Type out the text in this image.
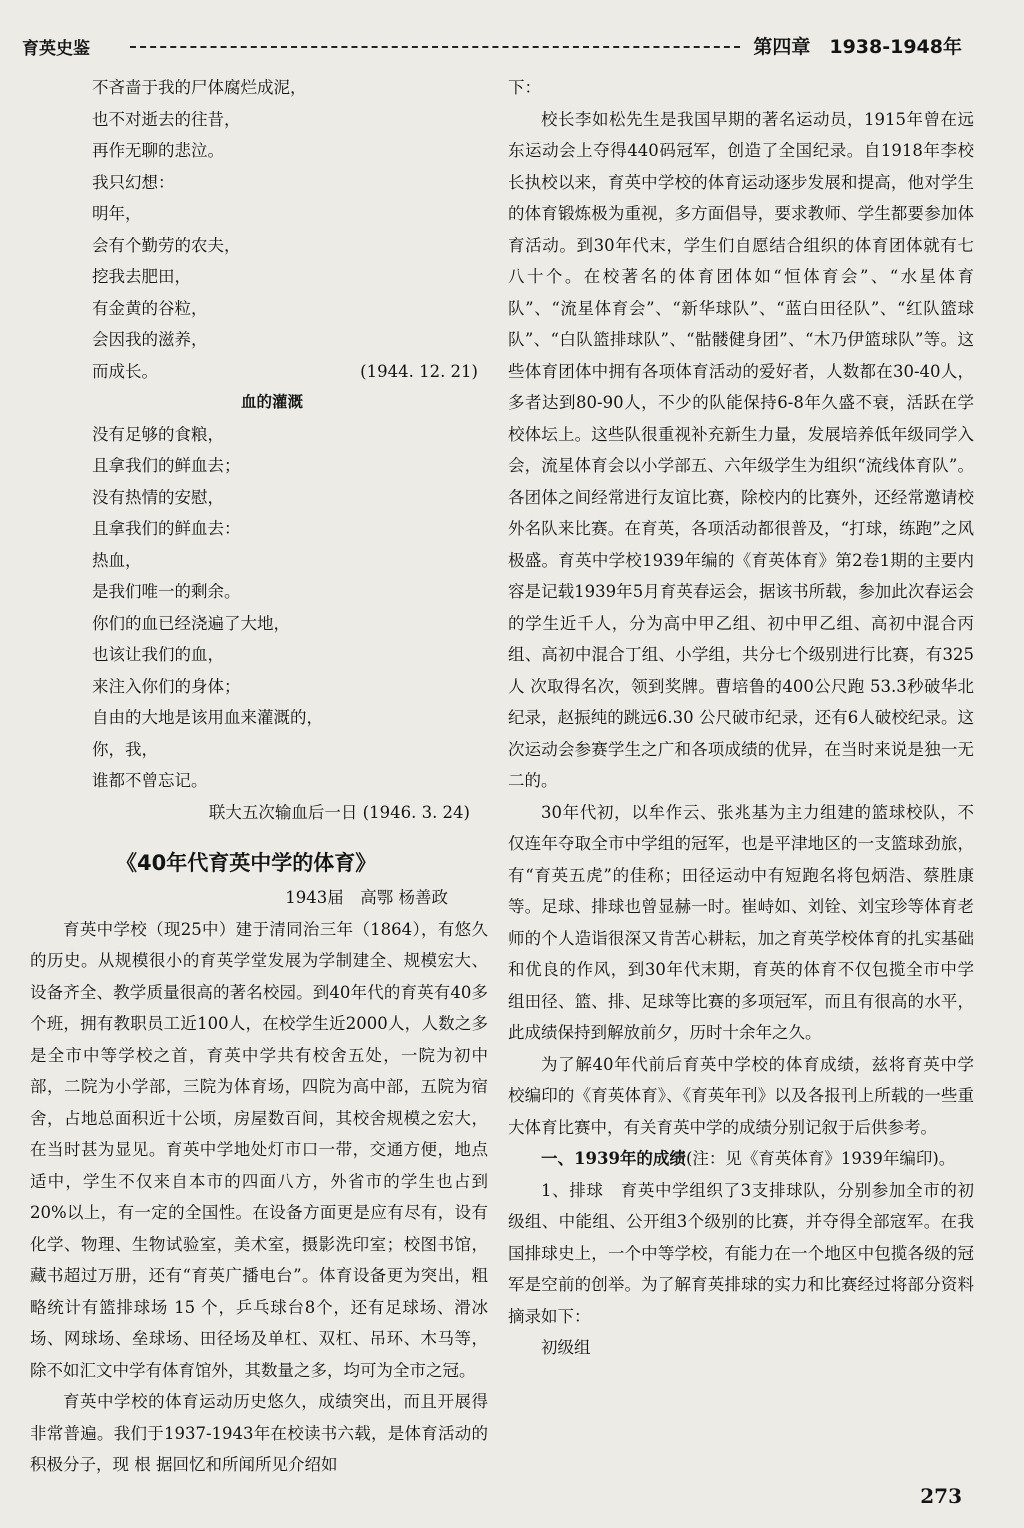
育英史鉴	第四章　1938-1948年
不吝啬于我的尸体腐烂成泥，
也不对逝去的往昔，
再作无聊的悲泣。
我只幻想：
明年，
会有个勤劳的农夫，
挖我去肥田，
有金黄的谷粒，
会因我的滋养，
而成长。	(1944. 12. 21)
血的灌溉
没有足够的食粮，
且拿我们的鲜血去；
没有热情的安慰，
且拿我们的鲜血去：
热血，
是我们唯一的剩余。
你们的血已经浇遍了大地，
也该让我们的血，
来注入你们的身体；
自由的大地是该用血来灌溉的，
你，我，
谁都不曾忘记。
联大五次输血后一日 (1946. 3. 24)
《40年代育英中学的体育》
1943届　高鄂 杨善政
育英中学校（现25中）建于清同治三年（1864），有悠久的历史。从规模很小的育英学堂发展为学制建全、规模宏大、设备齐全、教学质量很高的著名校园。到40年代的育英有40多个班，拥有教职员工近100人，在校学生近2000人，人数之多是全市中等学校之首，育英中学共有校舍五处，一院为初中部，二院为小学部，三院为体育场，四院为高中部，五院为宿舍，占地总面积近十公顷，房屋数百间，其校舍规模之宏大，在当时甚为显见。育英中学地处灯市口一带，交通方便，地点适中，学生不仅来自本市的四面八方，外省市的学生也占到20%以上，有一定的全国性。在设备方面更是应有尽有，设有化学、物理、生物试验室，美术室，摄影洗印室；校图书馆，藏书超过万册，还有“育英广播电台”。体育设备更为突出，粗略统计有篮排球场 15 个，乒乓球台8个，还有足球场、滑冰场、网球场、垒球场、田径场及单杠、双杠、吊环、木马等，除不如汇文中学有体育馆外，其数量之多，均可为全市之冠。
育英中学校的体育运动历史悠久，成绩突出，而且开展得非常普遍。我们于1937-1943年在校读书六载，是体育活动的积极分子，现 根 据回忆和所闻所见介绍如
下：
校长李如松先生是我国早期的著名运动员，1915年曾在远东运动会上夺得440码冠军，创造了全国纪录。自1918年李校长执校以来，育英中学校的体育运动逐步发展和提高，他对学生的体育锻炼极为重视，多方面倡导，要求教师、学生都要参加体育活动。到30年代末，学生们自愿结合组织的体育团体就有七八十个。在校著名的体育团体如“恒体育会”、“水星体育队”、“流星体育会”、“新华球队”、“蓝白田径队”、“红队篮球队”、“白队篮排球队”、“骷髅健身团”、“木乃伊篮球队”等。这些体育团体中拥有各项体育活动的爱好者，人数都在30-40人，多者达到80-90人，不少的队能保持6-8年久盛不衰，活跃在学校体坛上。这些队很重视补充新生力量，发展培养低年级同学入会，流星体育会以小学部五、六年级学生为组织“流线体育队”。各团体之间经常进行友谊比赛，除校内的比赛外，还经常邀请校外名队来比赛。在育英，各项活动都很普及，“打球，练跑”之风极盛。育英中学校1939年编的《育英体育》第2卷1期的主要内容是记载1939年5月育英春运会，据该书所载，参加此次春运会的学生近千人，分为高中甲乙组、初中甲乙组、高初中混合丙组、高初中混合丁组、小学组，共分七个级别进行比赛，有325人 次取得名次，领到奖牌。曹培鲁的400公尺跑 53.3秒破华北纪录，赵振纯的跳远6.30 公尺破市纪录，还有6人破校纪录。这次运动会参赛学生之广和各项成绩的优异，在当时来说是独一无二的。
30年代初，以牟作云、张兆基为主力组建的篮球校队，不仅连年夺取全市中学组的冠军，也是平津地区的一支篮球劲旅，有“育英五虎”的佳称；田径运动中有短跑名将包炳浩、蔡胜康等。足球、排球也曾显赫一时。崔峙如、刘铨、刘宝珍等体育老师的个人造诣很深又肯苦心耕耘，加之育英学校体育的扎实基础和优良的作风，到30年代末期，育英的体育不仅包揽全市中学组田径、篮、排、足球等比赛的多项冠军，而且有很高的水平，此成绩保持到解放前夕，历时十余年之久。
为了解40年代前后育英中学校的体育成绩，兹将育英中学校编印的《育英体育》、《育英年刊》以及各报刊上所载的一些重大体育比赛中，有关育英中学的成绩分别记叙于后供参考。
一、1939年的成绩(注：见《育英体育》1939年编印)。
1、排球　育英中学组织了3支排球队，分别参加全市的初级组、中能组、公开组3个级别的比赛，并夺得全部寇军。在我国排球史上，一个中等学校，有能力在一个地区中包揽各级的冠军是空前的创举。为了解育英排球的实力和比赛经过将部分资料摘录如下：
初级组
273
